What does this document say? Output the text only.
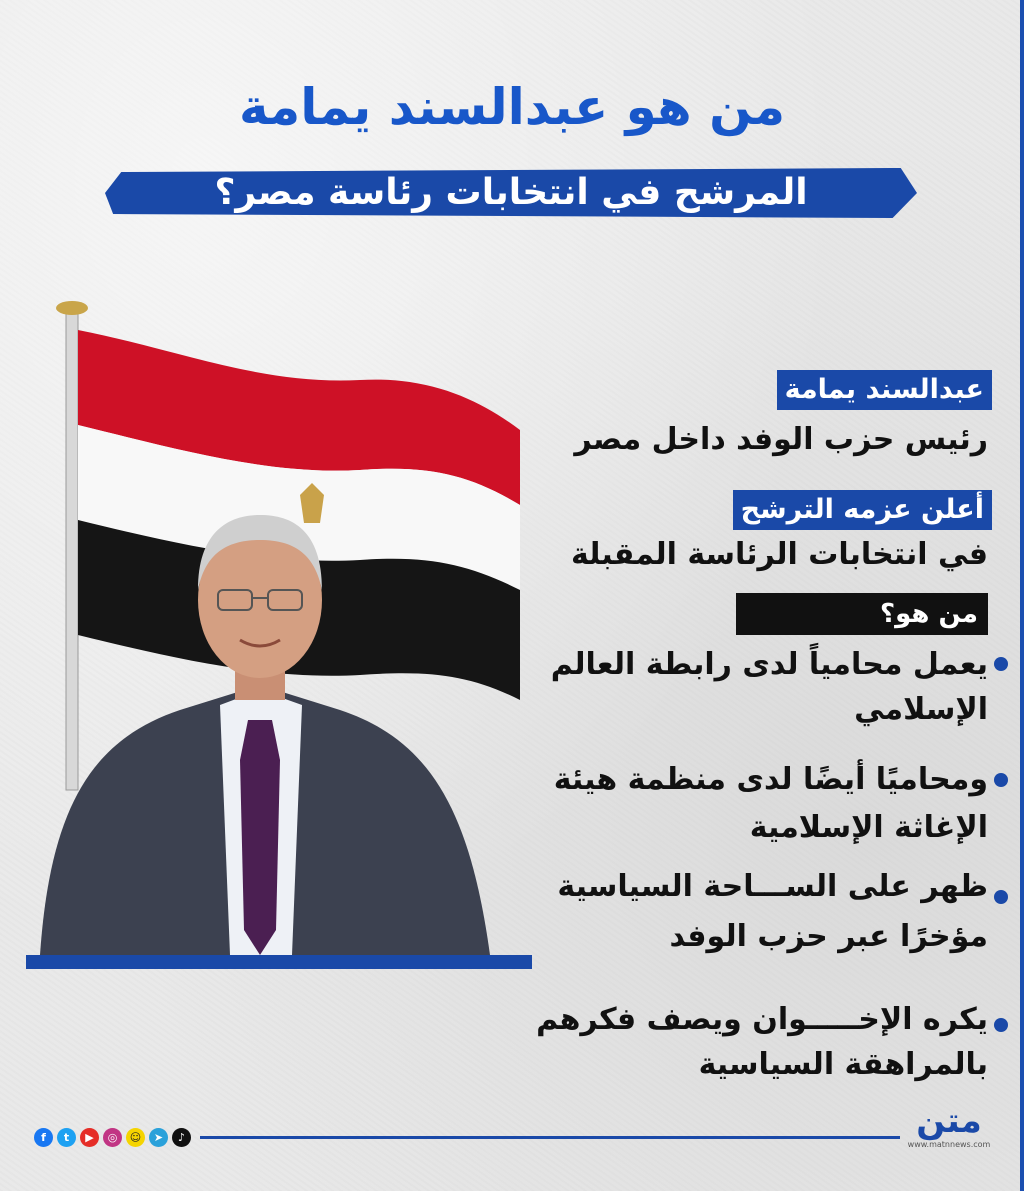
من هو عبدالسند يمامة
المرشح في انتخابات رئاسة مصر؟
عبدالسند يمامة
رئيس حزب الوفد داخل مصر
أعلن عزمه الترشح
في انتخابات الرئاسة المقبلة
من هو؟
يعمل محامياً لدى رابطة العالم
الإسلامي
ومحاميًا أيضًا لدى منظمة هيئة
الإغاثة الإسلامية
ظهر على الســـاحة السياسية
مؤخرًا عبر حزب الوفد
يكره الإخـــــوان ويصف فكرهم
بالمراهقة السياسية
f	t	▶	◎	☺	➤	♪	متن
www.matnnews.com
